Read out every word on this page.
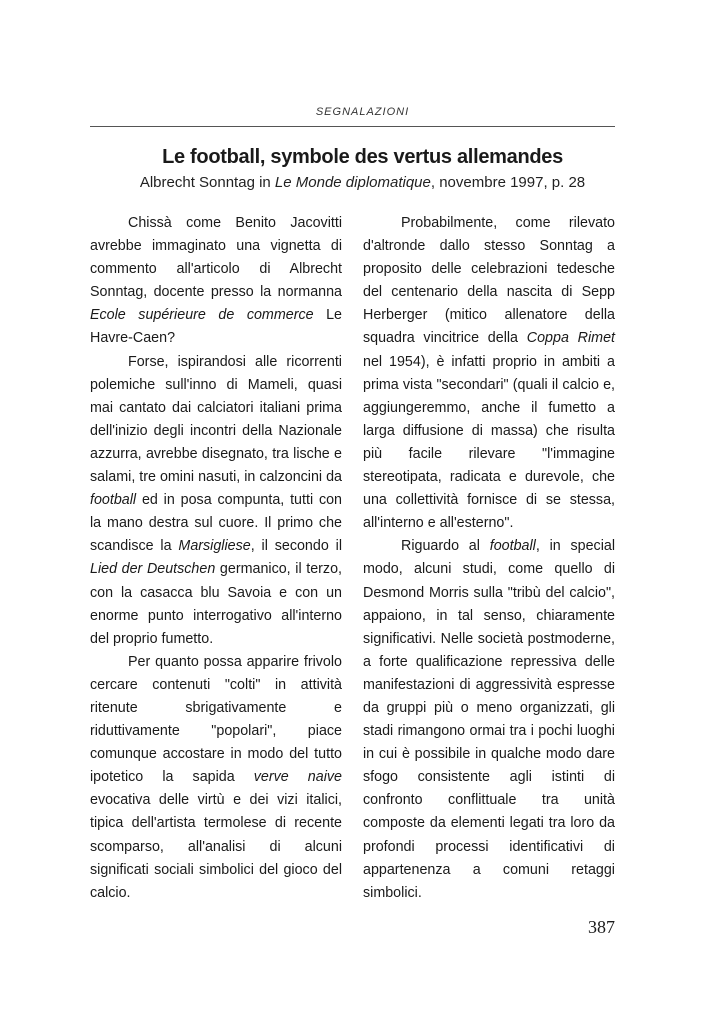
SEGNALAZIONI
Le football, symbole des vertus allemandes
Albrecht Sonntag in Le Monde diplomatique, novembre 1997, p. 28

Chissà come Benito Jacovitti avrebbe immaginato una vignetta di commento all'articolo di Albrecht Sonntag, docente presso la normanna Ecole supérieure de commerce Le Havre-Caen?

Forse, ispirandosi alle ricorrenti polemiche sull'inno di Mameli, quasi mai cantato dai calciatori italiani prima dell'inizio degli incontri della Nazionale azzurra, avrebbe disegnato, tra lische e salami, tre omini nasuti, in calzoncini da football ed in posa compunta, tutti con la mano destra sul cuore. Il primo che scandisce la Marsigliese, il secondo il Lied der Deutschen germanico, il terzo, con la casacca blu Savoia e con un enorme punto interrogativo all'interno del proprio fumetto.

Per quanto possa apparire frivolo cercare contenuti "colti" in attività ritenute sbrigativamente e riduttivamente "popolari", piace comunque accostare in modo del tutto ipotetico la sapida verve naive evocativa delle virtù e dei vizi italici, tipica dell'artista termolese di recente scomparso, all'analisi di alcuni significati sociali simbolici del gioco del calcio.

Probabilmente, come rilevato d'altronde dallo stesso Sonntag a proposito delle celebrazioni tedesche del centenario della nascita di Sepp Herberger (mitico allenatore della squadra vincitrice della Coppa Rimet nel 1954), è infatti proprio in ambiti a prima vista "secondari" (quali il calcio e, aggiungeremmo, anche il fumetto a larga diffusione di massa) che risulta più facile rilevare "l'immagine stereotipata, radicata e durevole, che una collettività fornisce di se stessa, all'interno e all'esterno".

Riguardo al football, in special modo, alcuni studi, come quello di Desmond Morris sulla "tribù del calcio", appaiono, in tal senso, chiaramente significativi. Nelle società postmoderne, a forte qualificazione repressiva delle manifestazioni di aggressività espresse da gruppi più o meno organizzati, gli stadi rimangono ormai tra i pochi luoghi in cui è possibile in qualche modo dare sfogo consistente agli istinti di confronto conflittuale tra unità composte da elementi legati tra loro da profondi processi identificativi di appartenenza a comuni retaggi simbolici.

387
